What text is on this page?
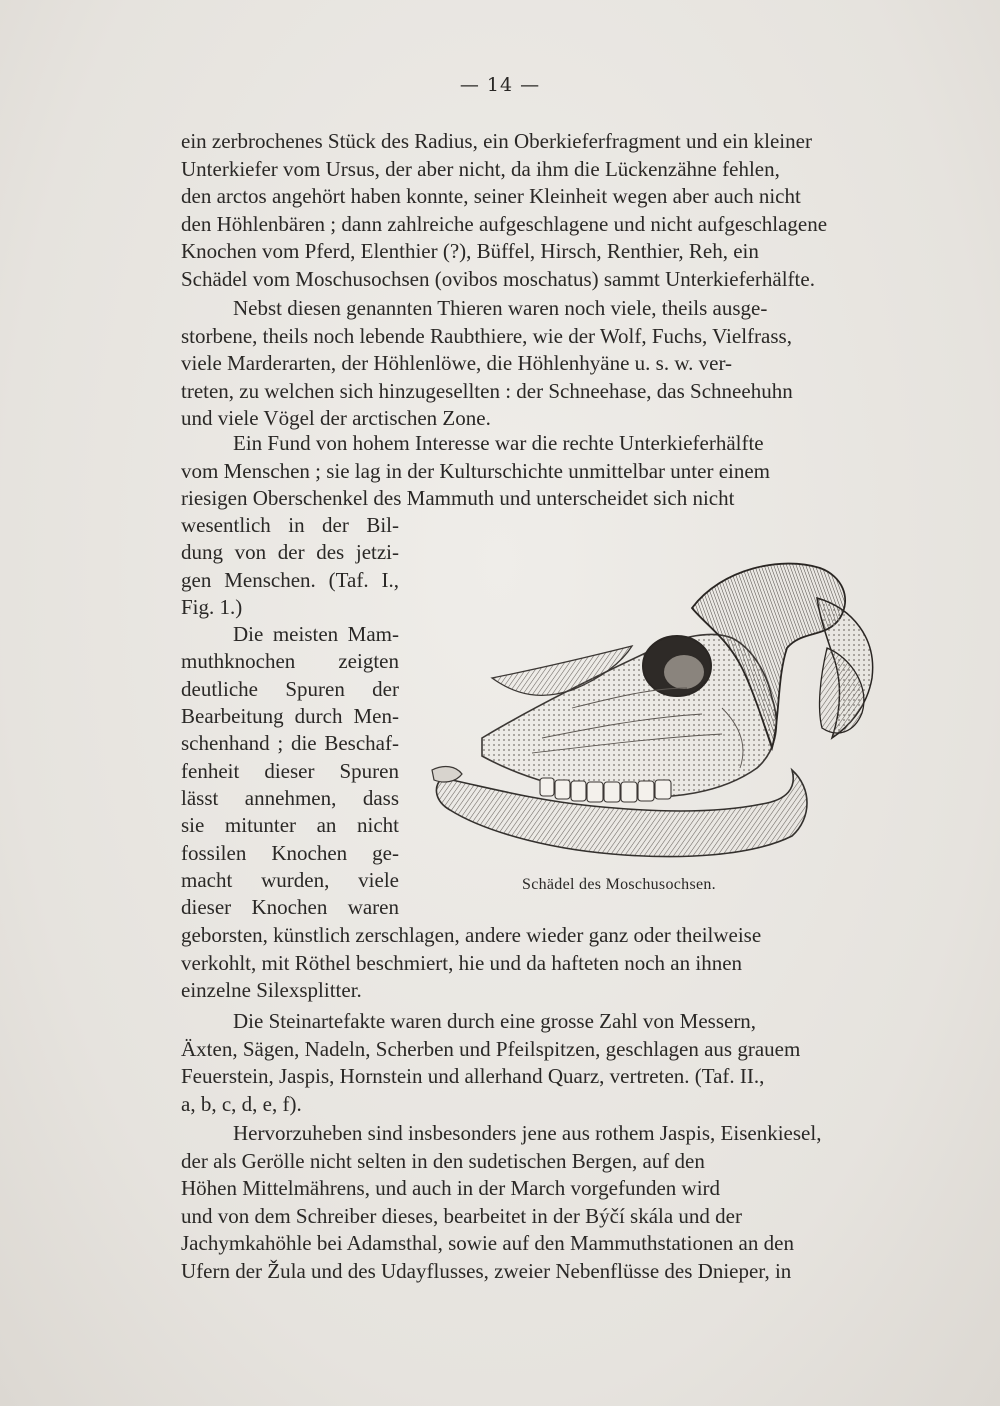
— 14 —

ein zerbrochenes Stück des Radius, ein Oberkieferfragment und ein kleiner

Unterkiefer vom Ursus, der aber nicht, da ihm die Lückenzähne fehlen,

den arctos angehört haben konnte, seiner Kleinheit wegen aber auch nicht

den Höhlenbären ; dann zahlreiche aufgeschlagene und nicht aufgeschlagene

Knochen vom Pferd, Elenthier (?), Büffel, Hirsch, Renthier, Reh, ein

Schädel vom Moschusochsen (ovibos moschatus) sammt Unterkieferhälfte.

Nebst diesen genannten Thieren waren noch viele, theils ausge-

storbene, theils noch lebende Raubthiere, wie der Wolf, Fuchs, Vielfrass,

viele Marderarten, der Höhlenlöwe, die Höhlenhyäne u. s. w. ver-

treten, zu welchen sich hinzugesellten : der Schneehase, das Schneehuhn

und viele Vögel der arctischen Zone.

Ein Fund von hohem Interesse war die rechte Unterkieferhälfte

vom Menschen ; sie lag in der Kulturschichte unmittelbar unter einem

riesigen Oberschenkel des Mammuth und unterscheidet sich nicht

wesentlich in der Bil-

dung von der des jetzi-

gen Menschen. (Taf. I.,

Fig. 1.)

Die meisten Mam-

muthknochen zeigten

deutliche Spuren der

Bearbeitung durch Men-

schenhand ; die Beschaf-

fenheit dieser Spuren

lässt annehmen, dass

sie mitunter an nicht

fossilen Knochen ge-

macht wurden, viele

dieser Knochen waren

Schädel des Moschusochsen.

geborsten, künstlich zerschlagen, andere wieder ganz oder theilweise

verkohlt, mit Röthel beschmiert, hie und da hafteten noch an ihnen

einzelne Silexsplitter.

Die Steinartefakte waren durch eine grosse Zahl von Messern,

Äxten, Sägen, Nadeln, Scherben und Pfeilspitzen, geschlagen aus grauem

Feuerstein, Jaspis, Hornstein und allerhand Quarz, vertreten. (Taf. II.,

a, b, c, d, e, f).

Hervorzuheben sind insbesonders jene aus rothem Jaspis, Eisenkiesel,

der als Gerölle nicht selten in den sudetischen Bergen, auf den

Höhen Mittelmährens, und auch in der March vorgefunden wird

und von dem Schreiber dieses, bearbeitet in der Býčí skála und der

Jachymkahöhle bei Adamsthal, sowie auf den Mammuthstationen an den

Ufern der Žula und des Udayflusses, zweier Nebenflüsse des Dnieper, in
